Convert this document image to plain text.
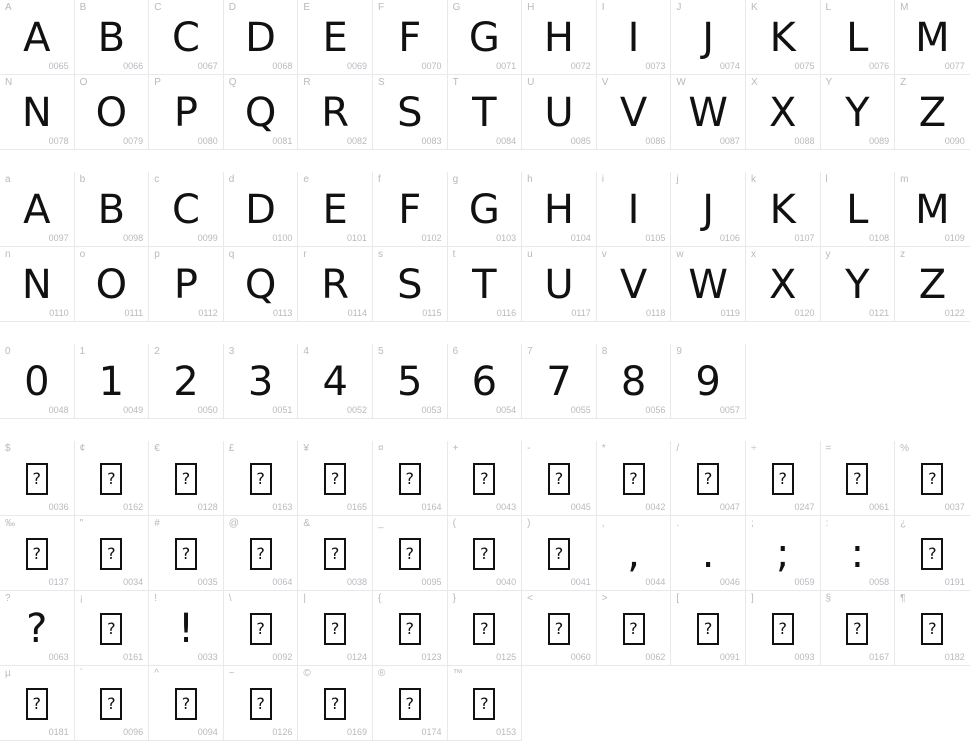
A
A
0065
B
B
0066
C
C
0067
D
D
0068
E
E
0069
F
F
0070
G
G
0071
H
H
0072
I
I
0073
J
J
0074
K
K
0075
L
L
0076
M
M
0077
N
N
0078
O
O
0079
P
P
0080
Q
Q
0081
R
R
0082
S
S
0083
T
T
0084
U
U
0085
V
V
0086
W
W
0087
X
X
0088
Y
Y
0089
Z
Z
0090
a
A
0097
b
B
0098
c
C
0099
d
D
0100
e
E
0101
f
F
0102
g
G
0103
h
H
0104
i
I
0105
j
J
0106
k
K
0107
l
L
0108
m
M
0109
n
N
0110
o
O
0111
p
P
0112
q
Q
0113
r
R
0114
s
S
0115
t
T
0116
u
U
0117
v
V
0118
w
W
0119
x
X
0120
y
Y
0121
z
Z
0122
0
0
0048
1
1
0049
2
2
0050
3
3
0051
4
4
0052
5
5
0053
6
6
0054
7
7
0055
8
8
0056
9
9
0057
$
?
0036
¢
?
0162
€
?
0128
£
?
0163
¥
?
0165
¤
?
0164
+
?
0043
-
?
0045
*
?
0042
/
?
0047
÷
?
0247
=
?
0061
%
?
0037
‰
?
0137
"
?
0034
#
?
0035
@
?
0064
&
?
0038
_
?
0095
(
?
0040
)
?
0041
,
,
0044
.
.
0046
;
;
0059
:
:
0058
¿
?
0191
?
?
0063
¡
?
0161
!
!
0033
\
?
0092
|
?
0124
{
?
0123
}
?
0125
<
?
0060
>
?
0062
[
?
0091
]
?
0093
§
?
0167
¶
?
0182
µ
?
0181
`
?
0096
^
?
0094
~
?
0126
©
?
0169
®
?
0174
™
?
0153
